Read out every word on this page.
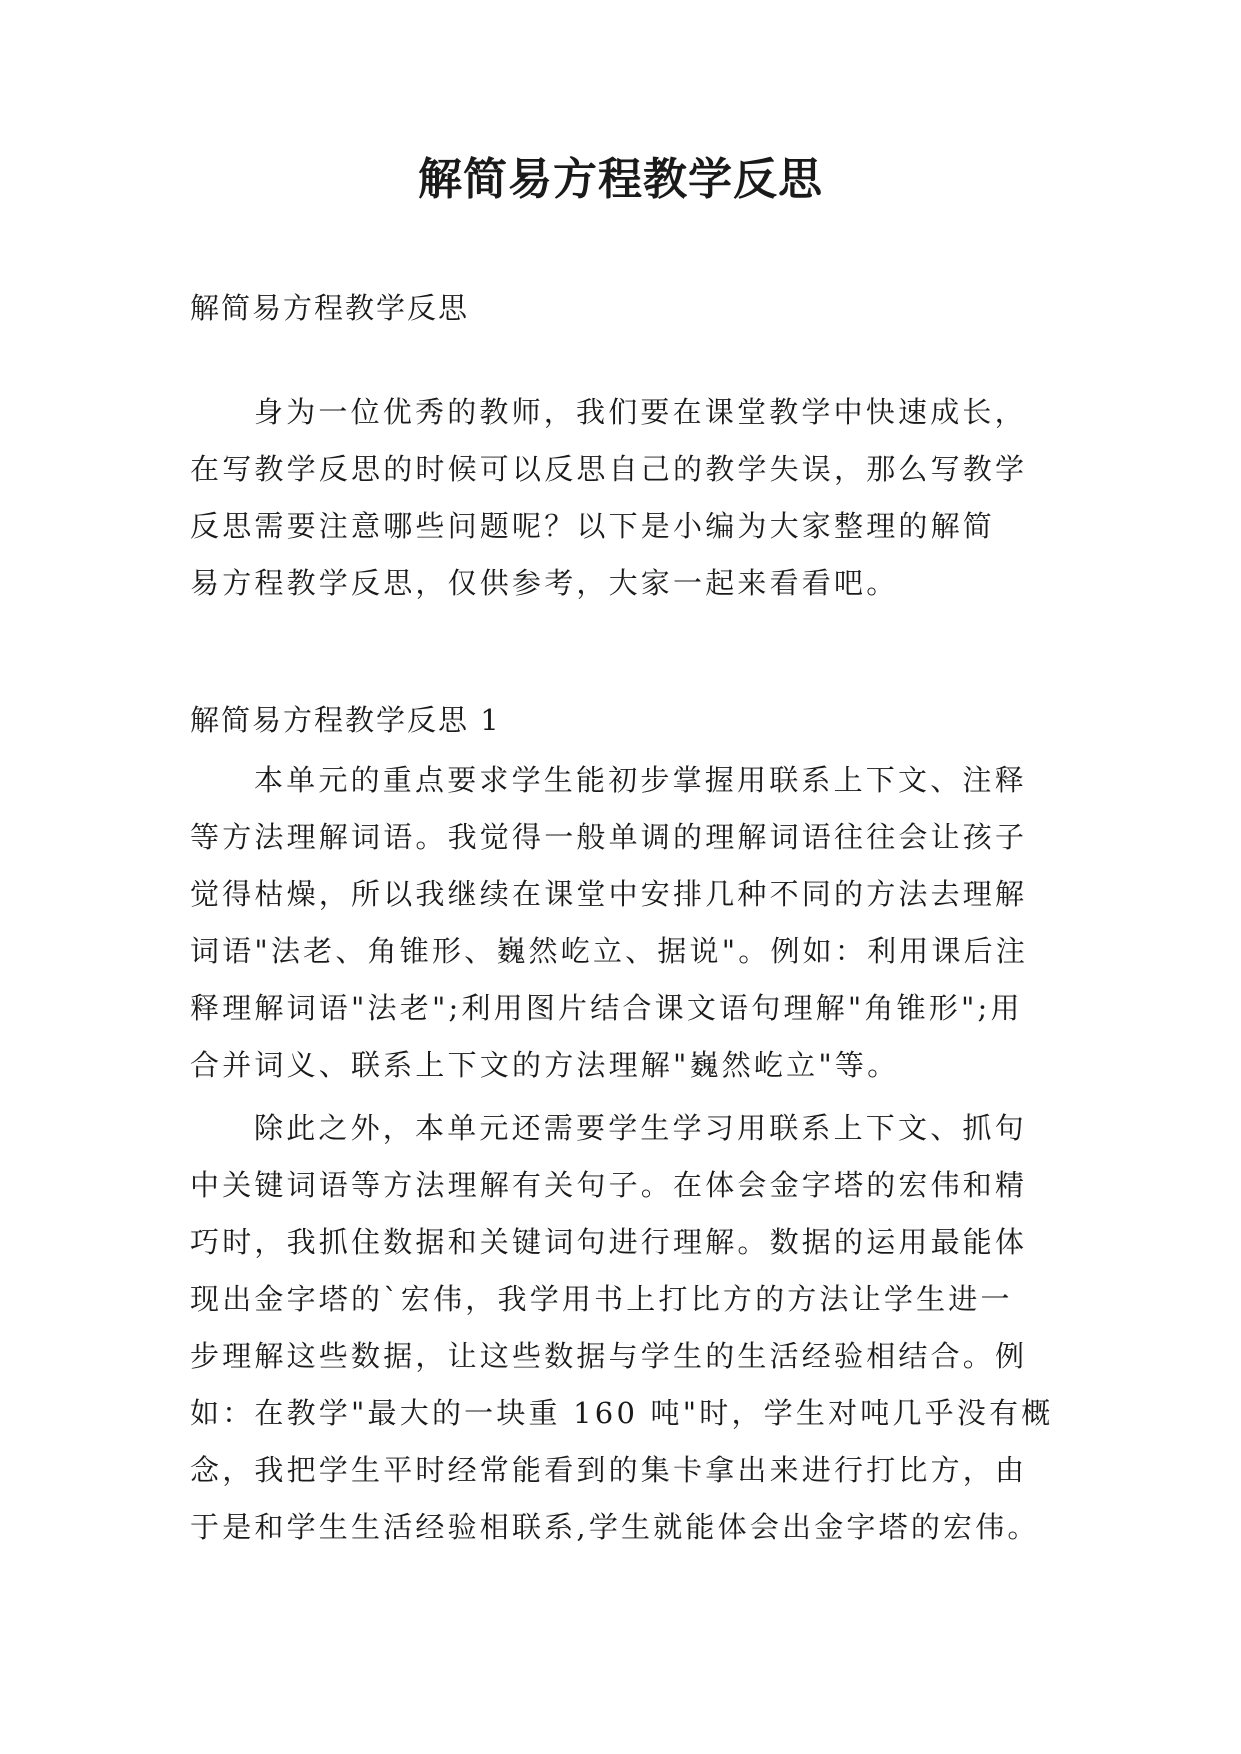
解简易方程教学反思
解简易方程教学反思
身为一位优秀的教师，我们要在课堂教学中快速成长，
在写教学反思的时候可以反思自己的教学失误，那么写教学
反思需要注意哪些问题呢？以下是小编为大家整理的解简
易方程教学反思，仅供参考，大家一起来看看吧。
解简易方程教学反思 1
本单元的重点要求学生能初步掌握用联系上下文、注释
等方法理解词语。我觉得一般单调的理解词语往往会让孩子
觉得枯燥，所以我继续在课堂中安排几种不同的方法去理解
词语"法老、角锥形、巍然屹立、据说"。例如：利用课后注
释理解词语"法老";利用图片结合课文语句理解"角锥形";用
合并词义、联系上下文的方法理解"巍然屹立"等。
除此之外，本单元还需要学生学习用联系上下文、抓句
中关键词语等方法理解有关句子。在体会金字塔的宏伟和精
巧时，我抓住数据和关键词句进行理解。数据的运用最能体
现出金字塔的`宏伟，我学用书上打比方的方法让学生进一
步理解这些数据，让这些数据与学生的生活经验相结合。例
如：在教学"最大的一块重 160 吨"时，学生对吨几乎没有概
念，我把学生平时经常能看到的集卡拿出来进行打比方，由
于是和学生生活经验相联系,学生就能体会出金字塔的宏伟。
